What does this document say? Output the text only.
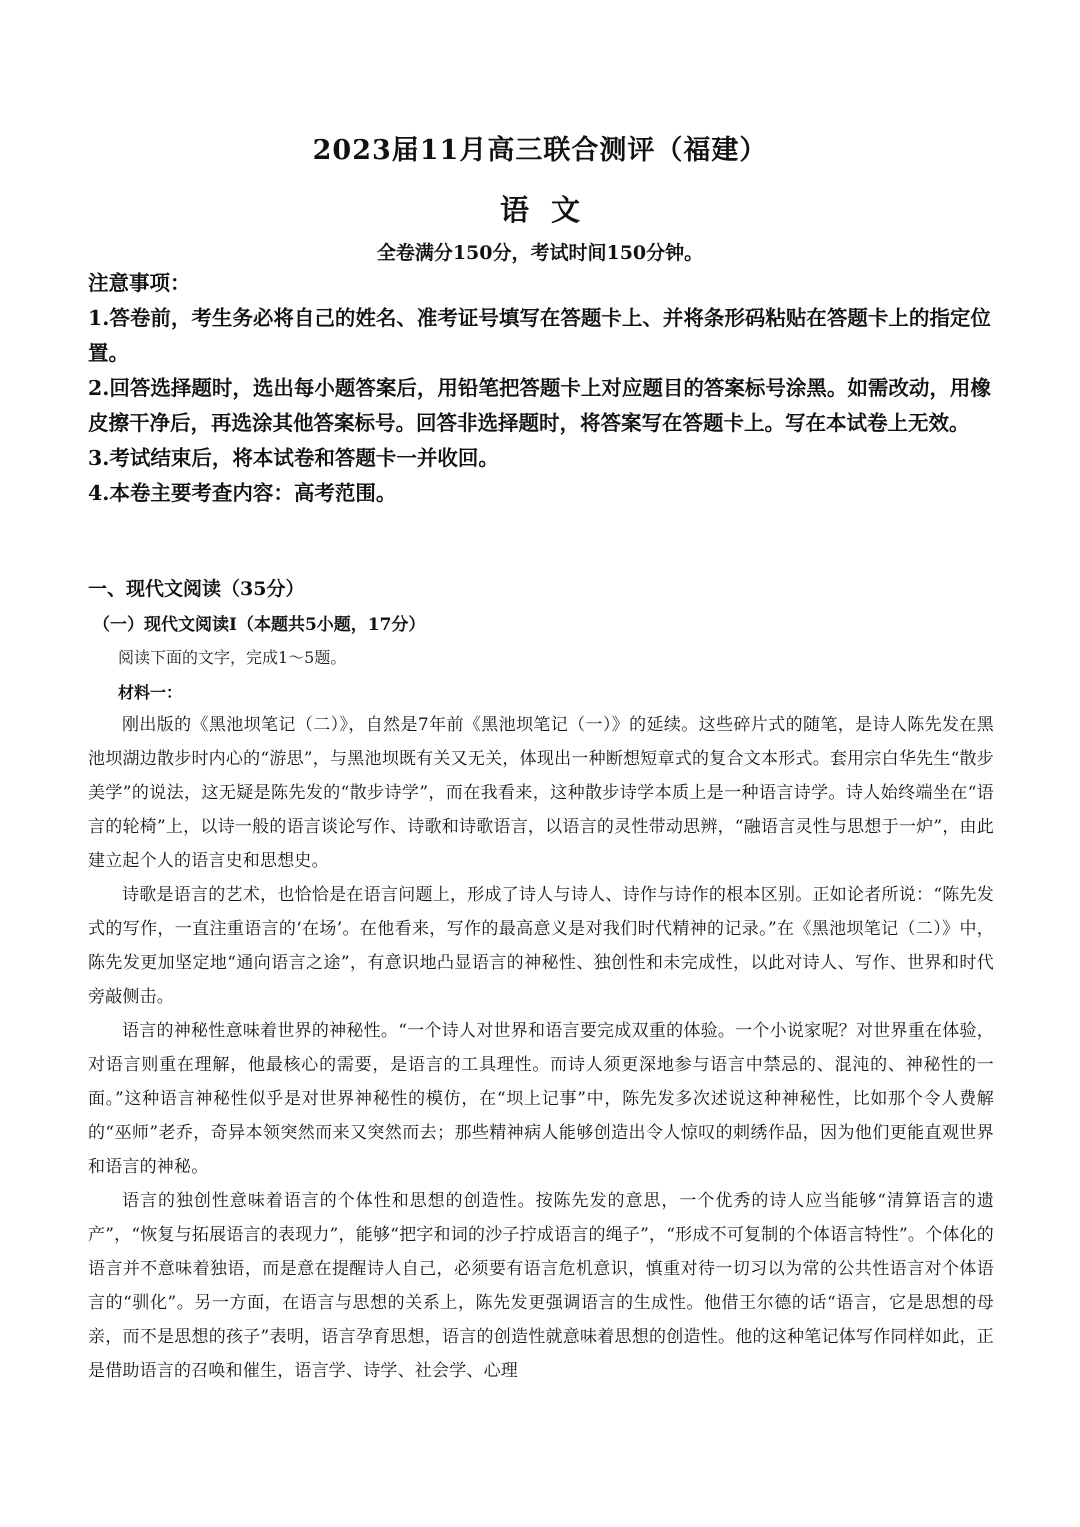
2023届11月高三联合测评（福建）
语文
全卷满分150分，考试时间150分钟。

注意事项：

1.答卷前，考生务必将自己的姓名、准考证号填写在答题卡上、并将条形码粘贴在答题卡上的指定位置。

2.回答选择题时，选出每小题答案后，用铅笔把答题卡上对应题目的答案标号涂黑。如需改动，用橡皮擦干净后，再选涂其他答案标号。回答非选择题时，将答案写在答题卡上。写在本试卷上无效。

3.考试结束后，将本试卷和答题卡一并收回。

4.本卷主要考查内容：高考范围。

一、现代文阅读（35分）
（一）现代文阅读Ⅰ（本题共5小题，17分）
阅读下面的文字，完成1～5题。
材料一：

刚出版的《黑池坝笔记（二）》，自然是7年前《黑池坝笔记（一）》的延续。这些碎片式的随笔，是诗人陈先发在黑池坝湖边散步时内心的“游思”，与黑池坝既有关又无关，体现出一种断想短章式的复合文本形式。套用宗白华先生“散步美学”的说法，这无疑是陈先发的“散步诗学”，而在我看来，这种散步诗学本质上是一种语言诗学。诗人始终端坐在“语言的轮椅”上，以诗一般的语言谈论写作、诗歌和诗歌语言，以语言的灵性带动思辨，“融语言灵性与思想于一炉”，由此建立起个人的语言史和思想史。

诗歌是语言的艺术，也恰恰是在语言问题上，形成了诗人与诗人、诗作与诗作的根本区别。正如论者所说：“陈先发式的写作，一直注重语言的‘在场’。在他看来，写作的最高意义是对我们时代精神的记录。”在《黑池坝笔记（二）》中，陈先发更加坚定地“通向语言之途”，有意识地凸显语言的神秘性、独创性和未完成性，以此对诗人、写作、世界和时代旁敲侧击。

语言的神秘性意味着世界的神秘性。“一个诗人对世界和语言要完成双重的体验。一个小说家呢？对世界重在体验，对语言则重在理解，他最核心的需要，是语言的工具理性。而诗人须更深地参与语言中禁忌的、混沌的、神秘性的一面。”这种语言神秘性似乎是对世界神秘性的模仿，在“坝上记事”中，陈先发多次述说这种神秘性，比如那个令人费解的“巫师”老乔，奇异本领突然而来又突然而去；那些精神病人能够创造出令人惊叹的刺绣作品，因为他们更能直观世界和语言的神秘。

语言的独创性意味着语言的个体性和思想的创造性。按陈先发的意思，一个优秀的诗人应当能够“清算语言的遗产”，“恢复与拓展语言的表现力”，能够“把字和词的沙子拧成语言的绳子”，“形成不可复制的个体语言特性”。个体化的语言并不意味着独语，而是意在提醒诗人自己，必须要有语言危机意识，慎重对待一切习以为常的公共性语言对个体语言的“驯化”。另一方面，在语言与思想的关系上，陈先发更强调语言的生成性。他借王尔德的话“语言，它是思想的母亲，而不是思想的孩子”表明，语言孕育思想，语言的创造性就意味着思想的创造性。他的这种笔记体写作同样如此，正是借助语言的召唤和催生，语言学、诗学、社会学、心理
